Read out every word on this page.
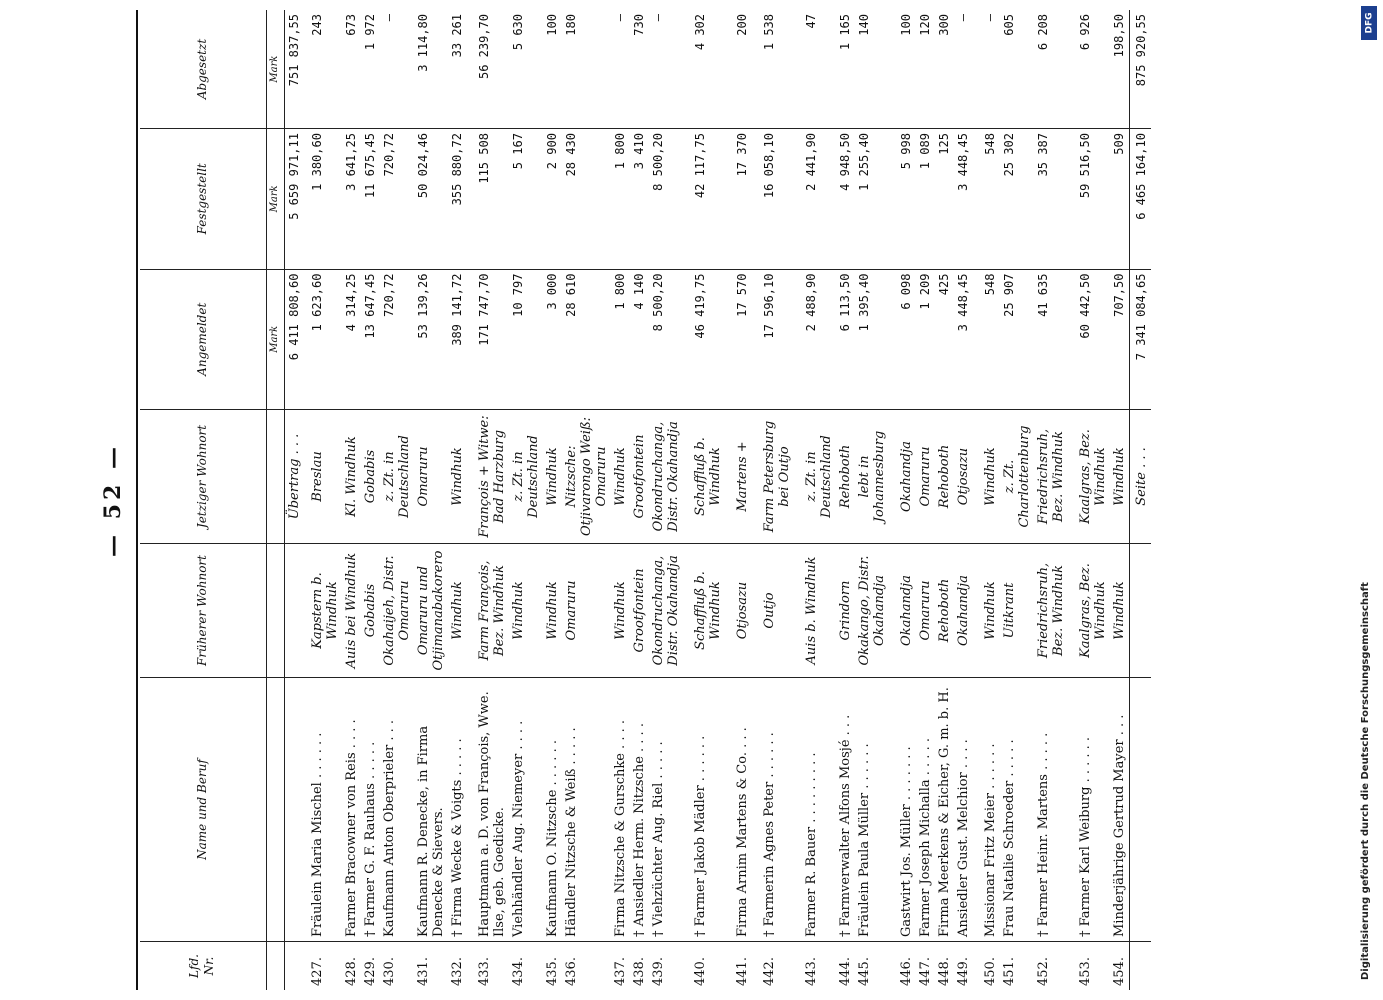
— 52 —
Lfd. Nr.	Name und Beruf	Früherer Wohnort	Jetziger Wohnort	Angemeldet	Festgestellt	Abgesetzt
				Mark	Mark	Mark
			Übertrag . . .	6 411 808,60	5 659 971,11	751 837,55
427.	Fräulein Maria Mischel . . . . . .	Kapstern b. Windhuk	Breslau	1 623,60	1 380,60	243
428.	Farmer Bracowner von Reis . . . .	Auis bei Windhuk	Kl. Windhuk	4 314,25	3 641,25	673
429.	† Farmer G. F. Rauhaus . . . . .	Gobabis	Gobabis	13 647,45	11 675,45	1 972
430.	Kaufmann Anton Oberprieler . . .	Okahaijeh, Distr. Omaruru	z. Zt. in Deutschland	720,72	720,72	—
431.	Kaufmann R. Denecke, in Firma Denecke & Sievers.	Omaruru und Otjimanabakorero	Omaruru	53 139,26	50 024,46	3 114,80
432.	† Firma Wecke & Voigts . . . . .	Windhuk	Windhuk	389 141,72	355 880,72	33 261
433.	Hauptmann a. D. von François, Wwe. Ilse, geb. Goedicke.	Farm François, Bez. Windhuk	François + Witwe: Bad Harzburg	171 747,70	115 508	56 239,70
434.	Viehhändler Aug. Niemeyer . . . .	Windhuk	z. Zt. in Deutschland	10 797	5 167	5 630
435.	Kaufmann O. Nitzsche . . . . . .	Windhuk	Windhuk	3 000	2 900	100
436.	Händler Nitzsche & Weiß . . . . .	Omaruru	Nitzsche: Otjivarongo Weiß: Omaruru	28 610	28 430	180
437.	Firma Nitzsche & Gurschke . . . .	Windhuk	Windhuk	1 800	1 800	—
438.	† Ansiedler Herm. Nitzsche . . . .	Grootfontein	Grootfontein	4 140	3 410	730
439.	† Viehzüchter Aug. Riel . . . . .	Okondruchanga, Distr. Okahandja	Okondruchanga, Distr. Okahandja	8 500,20	8 500,20	—
440.	† Farmer Jakob Mädler . . . . . .	Schaffluß b. Windhuk	Schaffluß b. Windhuk	46 419,75	42 117,75	4 302
441.	Firma Arnim Martens & Co. . . .	Otjosazu	Martens +	17 570	17 370	200
442.	† Farmerin Agnes Peter . . . . . .	Outjo	Farm Petersburg bei Outjo	17 596,10	16 058,10	1 538
443.	Farmer R. Bauer . . . . . . . . .	Auis b. Windhuk	z. Zt. in Deutschland	2 488,90	2 441,90	47
444.	† Farmverwalter Alfons Mosjé . . .	Grindorn	Rehoboth	6 113,50	4 948,50	1 165
445.	Fräulein Paula Müller . . . . . .	Okakango, Distr. Okahandja	lebt in Johannesburg	1 395,40	1 255,40	140
446.	Gastwirt Jos. Müller . . . . . . .	Okahandja	Okahandja	6 098	5 998	100
447.	Farmer Joseph Michalla . . . . .	Omaruru	Omaruru	1 209	1 089	120
448.	Firma Meerkens & Eicher, G. m. b. H.	Rehoboth	Rehoboth	425	125	300
449.	Ansiedler Gust. Melchior . . . .	Okahandja	Otjosazu	3 448,45	3 448,45	—
450.	Missionar Fritz Meier . . . . . .	Windhuk	Windhuk	548	548	—
451.	Frau Natalie Schroeder . . . . .	Uitkrant	z. Zt. Charlottenburg	25 907	25 302	605
452.	† Farmer Heinr. Martens . . . . .	Friedrichsruh, Bez. Windhuk	Friedrichsruh, Bez. Windhuk	41 635	35 387	6 208
453.	† Farmer Karl Weiburg . . . . . .	Kaalgras, Bez. Windhuk	Kaalgras, Bez. Windhuk	60 442,50	59 516,50	6 926
454.	Minderjährige Gertrud Mayer . . .	Windhuk	Windhuk	707,50	509	198,50
			Seite . . .	7 341 084,65	6 465 164,10	875 920,55	DFG
Digitalisierung gefördert durch die Deutsche Forschungsgemeinschaft
